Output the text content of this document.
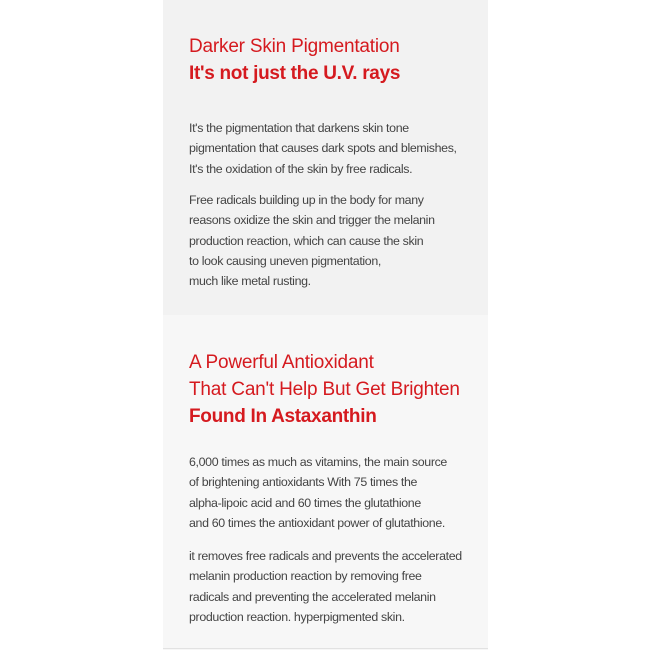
Darker Skin Pigmentation

It's not just the U.V. rays

It's the pigmentation that darkens skin tone
pigmentation that causes dark spots and blemishes,
It's the oxidation of the skin by free radicals.

Free radicals building up in the body for many
reasons oxidize the skin and trigger the melanin
production reaction, which can cause the skin
to look causing uneven pigmentation,
much like metal rusting.

A Powerful Antioxidant

That Can't Help But Get Brighten

Found In Astaxanthin

6,000 times as much as vitamins, the main source
of brightening antioxidants With 75 times the
alpha-lipoic acid and 60 times the glutathione
and 60 times the antioxidant power of glutathione.

it removes free radicals and prevents the accelerated
melanin production reaction by removing free
radicals and preventing the accelerated melanin
production reaction. hyperpigmented skin.
